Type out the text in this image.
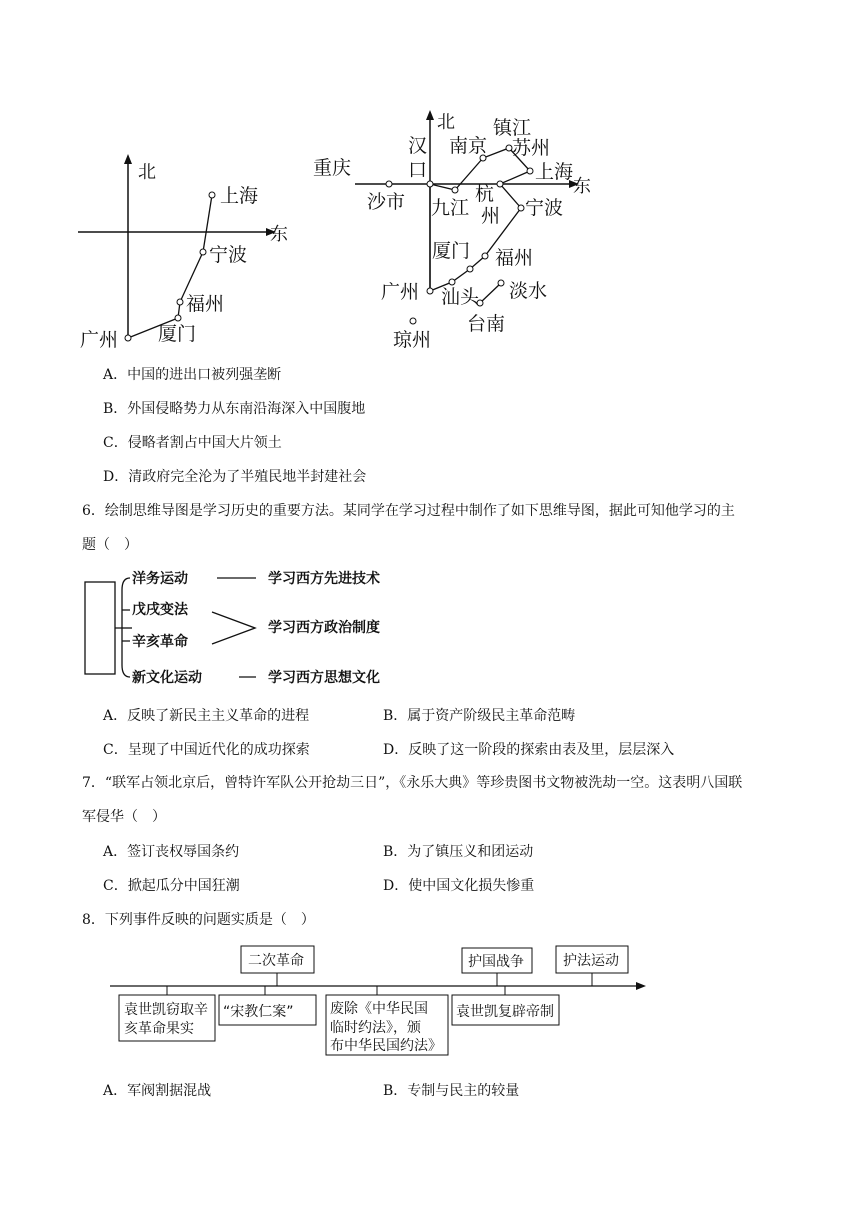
北
东
上海
宁波
福州
广州 厦门
北
东
镇江
汉
口
南京 苏州
重庆	上海
沙市 九江
杭
州 宁波
厦门 福州
广州 汕头 淡水
台南
琼州
A．中国的进出口被列强垄断
B．外国侵略势力从东南沿海深入中国腹地
C．侵略者割占中国大片领土
D．清政府完全沦为了半殖民地半封建社会
6．绘制思维导图是学习历史的重要方法。某同学在学习过程中制作了如下思维导图，据此可知他学习的主
题（　）
洋务运动	学习西方先进技术
戊戌变法
辛亥革命
学习西方政治制度
新文化运动	学习西方思想文化
A．反映了新民主主义革命的进程	B．属于资产阶级民主革命范畴
C．呈现了中国近代化的成功探索	D．反映了这一阶段的探索由表及里，层层深入
7．“联军占领北京后，曾特许军队公开抢劫三日”，《永乐大典》等珍贵图书文物被洗劫一空。这表明八国联
军侵华（　）
A．签订丧权辱国条约	B．为了镇压义和团运动
C．掀起瓜分中国狂潮	D．使中国文化损失惨重
8．下列事件反映的问题实质是（　）
二次革命	护国战争	护法运动
袁世凯窃取辛
亥革命果实
“宋教仁案”	废除《中华民国
临时约法》，颁
布中华民国约法》
袁世凯复辟帝制
A．军阀割据混战	B．专制与民主的较量
